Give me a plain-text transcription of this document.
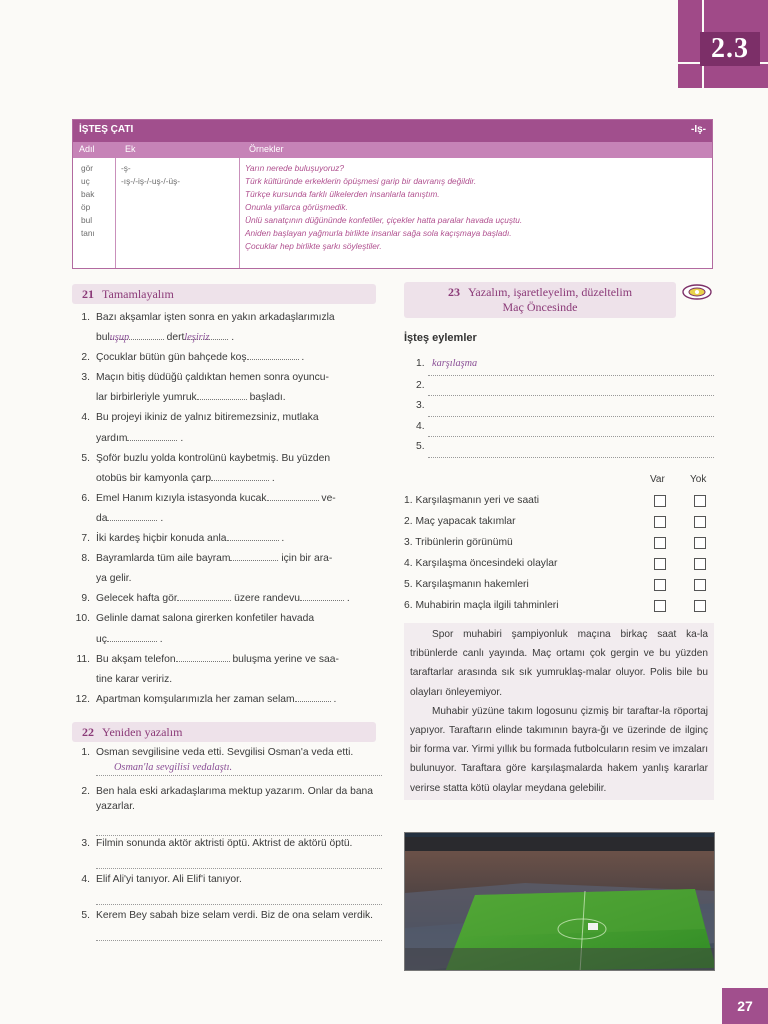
2.3
İŞTEŞ ÇATI	-Iş-
Adıl	Ek	Örnekler
gör
uç
bak
öp
bul
tanı
-ş-
-ış-/-iş-/-uş-/-üş-
Yarın nerede buluşuyoruz?
Türk kültüründe erkeklerin öpüşmesi garip bir davranış değildir.
Türkçe kursunda farklı ülkelerden insanlarla tanıştım.
Onunla yıllarca görüşmedik.
Ünlü sanatçının düğününde konfetiler, çiçekler hatta paralar havada uçuştu.
Aniden başlayan yağmurla birlikte insanlar sağa sola kaçışmaya başladı.
Çocuklar hep birlikte şarkı söyleştiler.
21 Tamamlayalım
1. Bazı akşamlar işten sonra en yakın arkadaşlarımızla
buluşup	dertleşiriz .
2. Çocuklar bütün gün bahçede koş	.
3. Maçın bitiş düdüğü çaldıktan hemen sonra oyuncu-
lar birbirleriyle yumruk	başladı.
4. Bu projeyi ikiniz de yalnız bitiremezsiniz, mutlaka
yardım	.
5. Şoför buzlu yolda kontrolünü kaybetmiş. Bu yüzden
otobüs bir kamyonla çarp	.
6. Emel Hanım kızıyla istasyonda kucak	ve-
da	.
7. İki kardeş hiçbir konuda anla	.
8. Bayramlarda tüm aile bayram	için bir ara-
ya gelir.
9. Gelecek hafta gör	üzere randevu	.
10. Gelinle damat salona girerken konfetiler havada
uç	.
11. Bu akşam telefon	buluşma yerine ve saa-
tine karar veririz.
12. Apartman komşularımızla her zaman selam	.
22 Yeniden yazalım
1. Osman sevgilisine veda etti. Sevgilisi Osman'a veda etti.
Osman'la sevgilisi vedalaştı.
2. Ben hala eski arkadaşlarıma mektup yazarım. Onlar da bana yazarlar.
3. Filmin sonunda aktör aktristi öptü. Aktrist de aktörü öptü.
4. Elif Ali'yi tanıyor. Ali Elif'i tanıyor.
5. Kerem Bey sabah bize selam verdi. Biz de ona selam verdik.
23 Yazalım, işaretleyelim, düzeltelim
Maç Öncesinde
İşteş eylemler
1. karşılaşma
2.
3.
4.
5.
Var	Yok
1. Karşılaşmanın yeri ve saati
2. Maç yapacak takımlar
3. Tribünlerin görünümü
4. Karşılaşma öncesindeki olaylar
5. Karşılaşmanın hakemleri
6. Muhabirin maçla ilgili tahminleri

Spor muhabiri şampiyonluk maçına birkaç saat ka-la tribünlerde canlı yayında. Maç ortamı çok gergin ve bu yüzden taraftarlar arasında sık sık yumruklaş-malar oluyor. Polis bile bu olayları önleyemiyor.

Muhabir yüzüne takım logosunu çizmiş bir taraftar-la röportaj yapıyor. Taraftarın elinde takımının bayra-ğı ve üzerinde de ilginç bir forma var. Yirmi yıllık bu formada futbolcuların resim ve imzaları bulunuyor. Taraftara göre karşılaşmalarda hakem yanlış kararlar verirse statta kötü olaylar meydana gelebilir.

27
